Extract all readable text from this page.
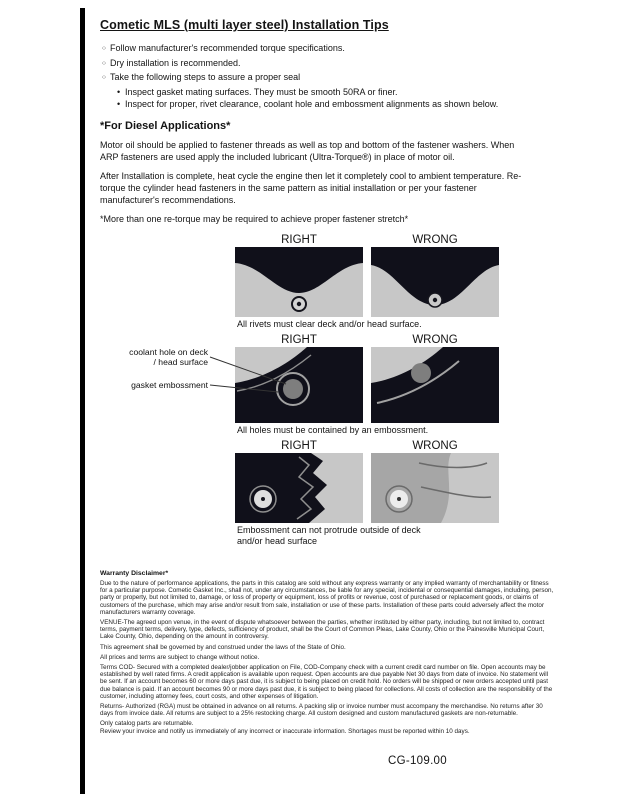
Cometic MLS (multi layer steel) Installation Tips
○
Follow manufacturer's recommended torque specifications.
○
Dry installation is recommended.
○
Take the following steps to assure a proper seal
•
Inspect gasket mating surfaces. They must be smooth 50RA or finer.
•
Inspect for proper, rivet clearance, coolant hole and embossment alignments as shown below.
*For Diesel Applications*

Motor oil should be applied to fastener threads as well as top and bottom of the fastener washers. When ARP fasteners are used apply the included lubricant (Ultra-Torque®) in place of motor oil.

After Installation is complete, heat cycle the engine then let it completely cool to ambient temperature. Re-torque the cylinder head fasteners in the same pattern as initial installation or per your fastener manufacturer's recommendations.

*More than one re-torque may be required to achieve proper fastener stretch*

RIGHT	WRONG
All rivets must clear deck and/or head surface.
RIGHT	WRONG
coolant hole on deck / head surface
gasket embossment
All holes must be contained by an embossment.
RIGHT	WRONG
Embossment can not protrude outside of deck and/or head surface
Warranty Disclaimer*

Due to the nature of performance applications, the parts in this catalog are sold without any express warranty or any implied warranty of merchantability or fitness for a particular purpose. Cometic Gasket Inc., shall not, under any circumstances, be liable for any special, incidental or consequential damages, including, person, party or property, but not limited to, damage, or loss of property or equipment, loss of profits or revenue, cost of purchased or replacement goods, or claims of customers of the purchase, which may arise and/or result from sale, installation or use of these parts. Installation of these parts could adversely affect the motor manufacturers warranty coverage.

VENUE-The agreed upon venue, in the event of dispute whatsoever between the parties, whether instituted by either party, including, but not limited to, contract terms, payment terms, delivery, type, defects, sufficiency of product, shall be the Court of Common Pleas, Lake County, Ohio or the Painesville Municipal Court, Lake County, Ohio, depending on the amount in controversy.

This agreement shall be governed by and construed under the laws of the State of Ohio.

All prices and terms are subject to change without notice.

Terms COD- Secured with a completed dealer/jobber application on File, COD-Company check with a current credit card number on file. Open accounts may be established by well rated firms. A credit application is available upon request. Open accounts are due payable Net 30 days from date of invoice. No statement will be sent. If an account becomes 60 or more days past due, it is subject to being placed on credit hold. No orders will be shipped or new orders accepted until past due balance is paid. If an account becomes 90 or more days past due, it is subject to being placed for collections. All costs of collection are the responsibility of the customer, including attorney fees, court costs, and other expenses of litigation.

Returns- Authorized (RGA) must be obtained in advance on all returns. A packing slip or invoice number must accompany the merchandise. No returns after 30 days from invoice date. All returns are subject to a 25% restocking charge. All custom designed and custom manufactured gaskets are non-returnable.

Only catalog parts are returnable.

Review your invoice and notify us immediately of any incorrect or inaccurate information. Shortages must be reported within 10 days.

CG-109.00
